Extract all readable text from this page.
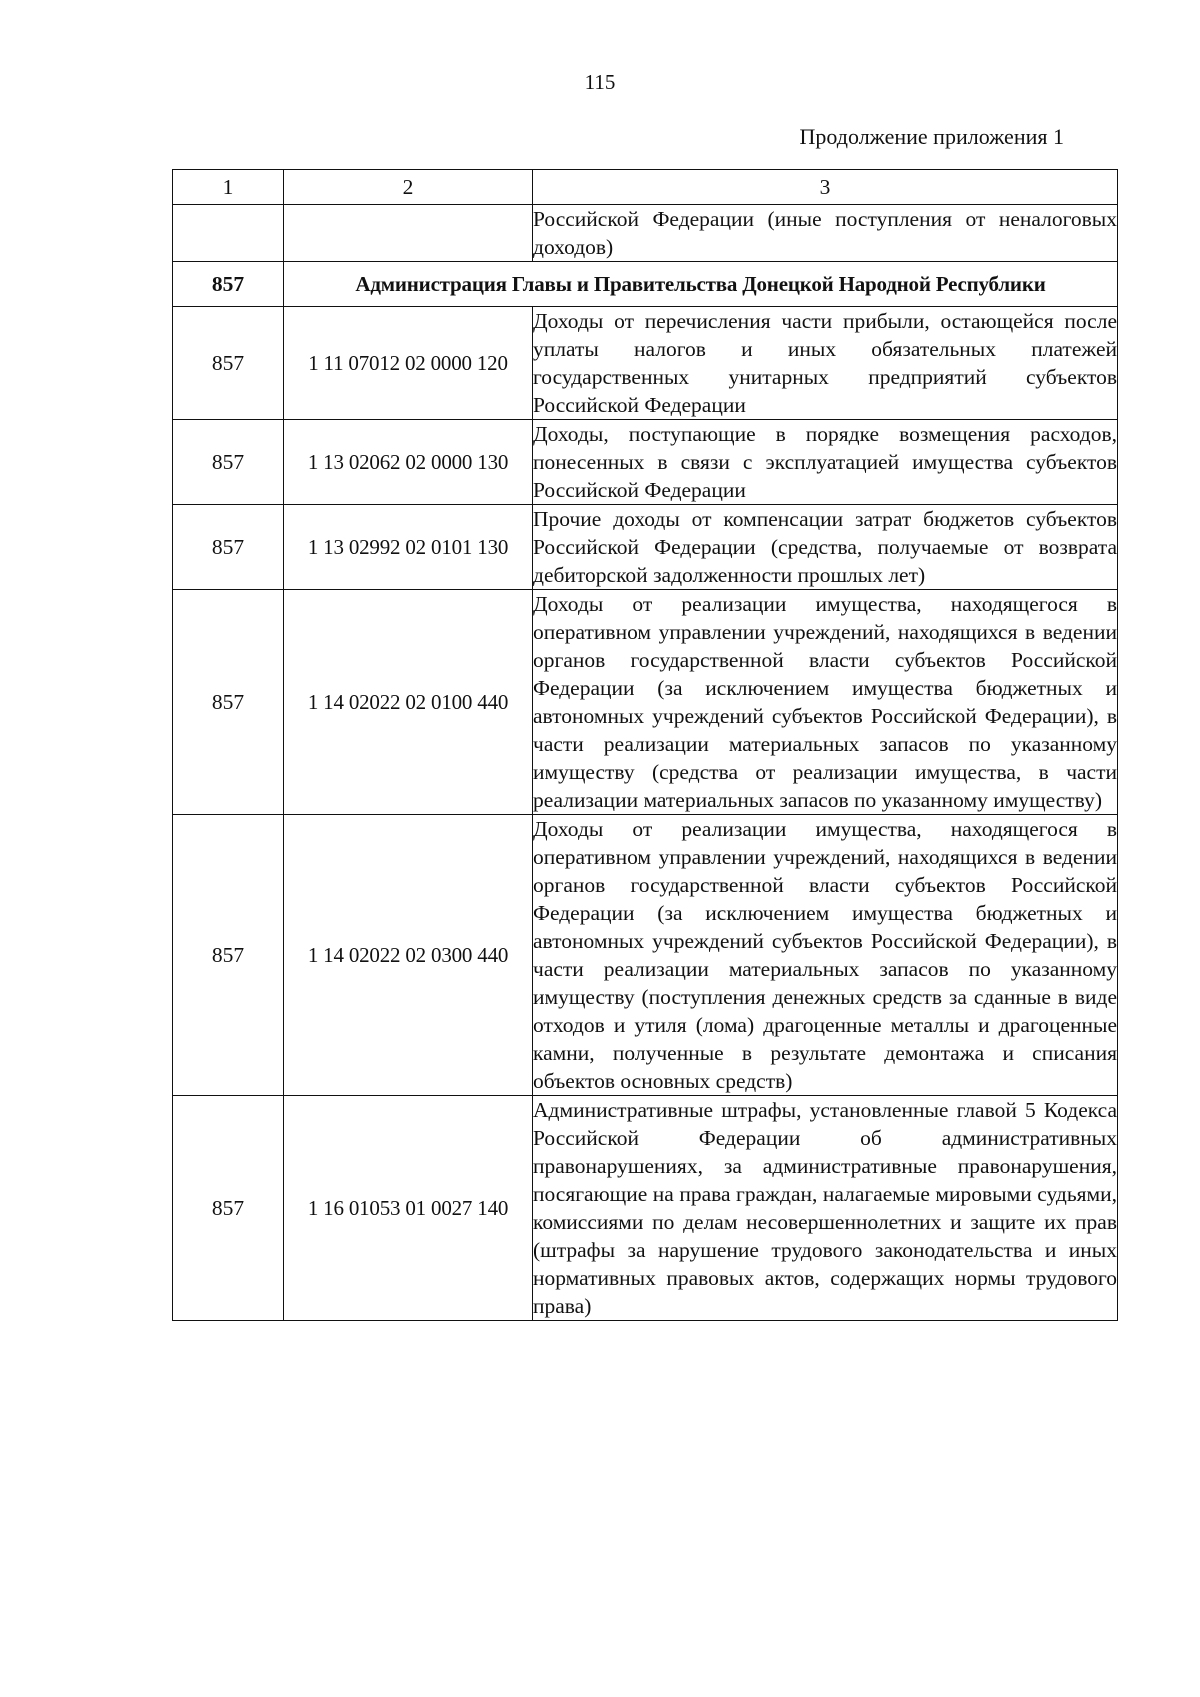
115
Продолжение приложения 1
1	2	3
		Российской Федерации (иные поступления от неналоговых доходов)
857	Администрация Главы и Правительства Донецкой Народной Республики	
857	1 11 07012 02 0000 120	Доходы от перечисления части прибыли, остающейся после уплаты налогов и иных обязательных платежей государственных унитарных предприятий субъектов Российской Федерации
857	1 13 02062 02 0000 130	Доходы, поступающие в порядке возмещения расходов, понесенных в связи с эксплуатацией имущества субъектов Российской Федерации
857	1 13 02992 02 0101 130	Прочие доходы от компенсации затрат бюджетов субъектов Российской Федерации (средства, получаемые от возврата дебиторской задолженности прошлых лет)
857	1 14 02022 02 0100 440	Доходы от реализации имущества, находящегося в оперативном управлении учреждений, находящихся в ведении органов государственной власти субъектов Российской Федерации (за исключением имущества бюджетных и автономных учреждений субъектов Российской Федерации), в части реализации материальных запасов по указанному имуществу (средства от реализации имущества, в части реализации материальных запасов по указанному имуществу)
857	1 14 02022 02 0300 440	Доходы от реализации имущества, находящегося в оперативном управлении учреждений, находящихся в ведении органов государственной власти субъектов Российской Федерации (за исключением имущества бюджетных и автономных учреждений субъектов Российской Федерации), в части реализации материальных запасов по указанному имуществу (поступления денежных средств за сданные в виде отходов и утиля (лома) драгоценные металлы и драгоценные камни, полученные в результате демонтажа и списания объектов основных средств)
857	1 16 01053 01 0027 140	Административные штрафы, установленные главой 5 Кодекса Российской Федерации об административных правонарушениях, за административные правонарушения, посягающие на права граждан, налагаемые мировыми судьями, комиссиями по делам несовершеннолетних и защите их прав (штрафы за нарушение трудового законодательства и иных нормативных правовых актов, содержащих нормы трудового права)
